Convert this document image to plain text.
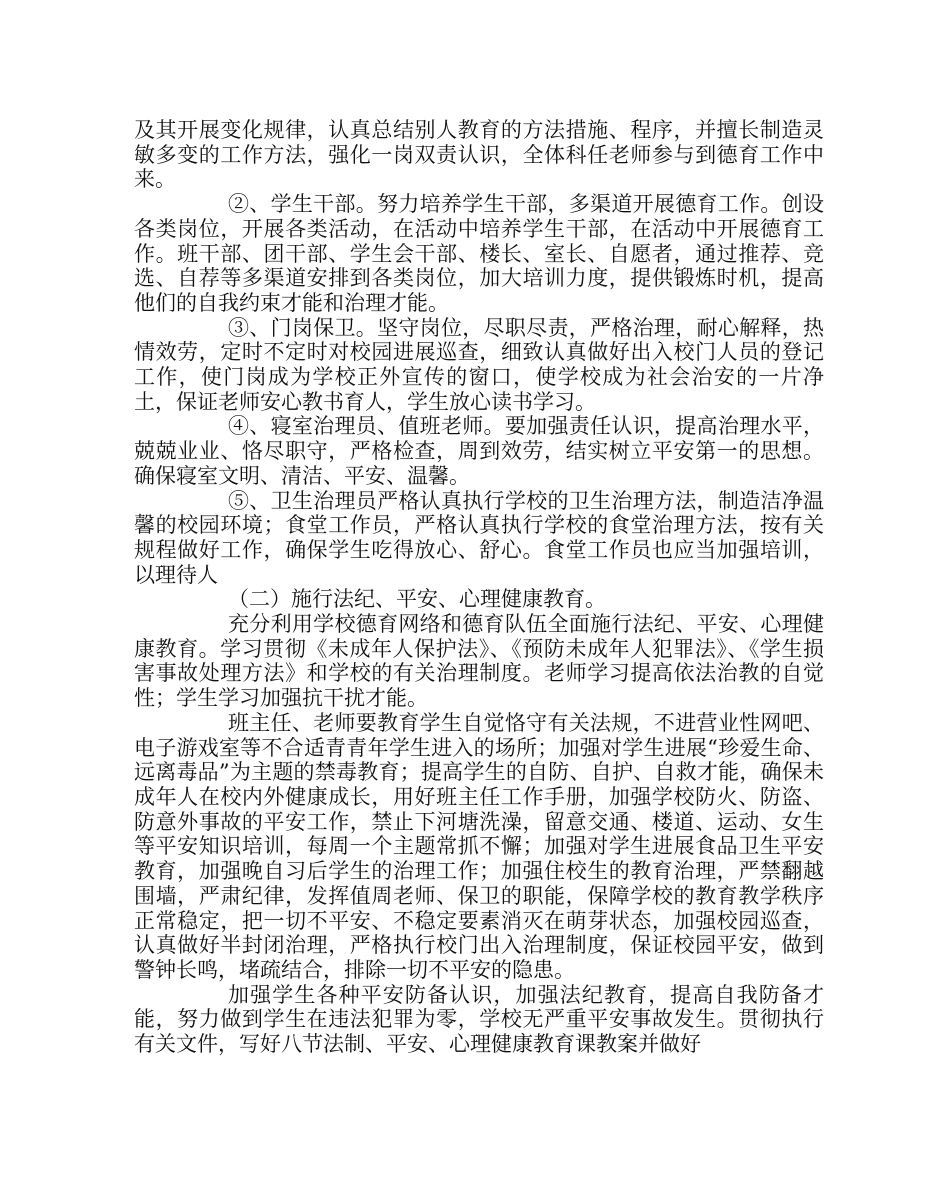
及其开展变化规律，认真总结别人教育的方法措施、程序，并擅长制造灵敏多变的工作方法，强化一岗双责认识，全体科任老师参与到德育工作中来。

②、学生干部。努力培养学生干部，多渠道开展德育工作。创设各类岗位，开展各类活动，在活动中培养学生干部，在活动中开展德育工作。班干部、团干部、学生会干部、楼长、室长、自愿者，通过推荐、竞选、自荐等多渠道安排到各类岗位，加大培训力度，提供锻炼时机，提高他们的自我约束才能和治理才能。

③、门岗保卫。坚守岗位，尽职尽责，严格治理，耐心解释，热情效劳，定时不定时对校园进展巡查，细致认真做好出入校门人员的登记工作，使门岗成为学校正外宣传的窗口，使学校成为社会治安的一片净土，保证老师安心教书育人，学生放心读书学习。

④、寝室治理员、值班老师。要加强责任认识，提高治理水平，兢兢业业、恪尽职守，严格检查，周到效劳，结实树立平安第一的思想。确保寝室文明、清洁、平安、温馨。

⑤、卫生治理员严格认真执行学校的卫生治理方法，制造洁净温馨的校园环境；食堂工作员，严格认真执行学校的食堂治理方法，按有关规程做好工作，确保学生吃得放心、舒心。食堂工作员也应当加强培训，以理待人

（二）施行法纪、平安、心理健康教育。

充分利用学校德育网络和德育队伍全面施行法纪、平安、心理健康教育。学习贯彻《未成年人保护法》、《预防未成年人犯罪法》、《学生损害事故处理方法》和学校的有关治理制度。老师学习提高依法治教的自觉性；学生学习加强抗干扰才能。

班主任、老师要教育学生自觉恪守有关法规，不进营业性网吧、电子游戏室等不合适青青年学生进入的场所；加强对学生进展“珍爱生命、远离毒品”为主题的禁毒教育；提高学生的自防、自护、自救才能，确保未成年人在校内外健康成长，用好班主任工作手册，加强学校防火、防盗、防意外事故的平安工作，禁止下河塘洗澡，留意交通、楼道、运动、女生等平安知识培训，每周一个主题常抓不懈；加强对学生进展食品卫生平安教育，加强晚自习后学生的治理工作；加强住校生的教育治理，严禁翻越围墙，严肃纪律，发挥值周老师、保卫的职能，保障学校的教育教学秩序正常稳定，把一切不平安、不稳定要素消灭在萌芽状态，加强校园巡查，认真做好半封闭治理，严格执行校门出入治理制度，保证校园平安，做到警钟长鸣，堵疏结合，排除一切不平安的隐患。

加强学生各种平安防备认识，加强法纪教育，提高自我防备才能，努力做到学生在违法犯罪为零，学校无严重平安事故发生。贯彻执行有关文件，写好八节法制、平安、心理健康教育课教案并做好
